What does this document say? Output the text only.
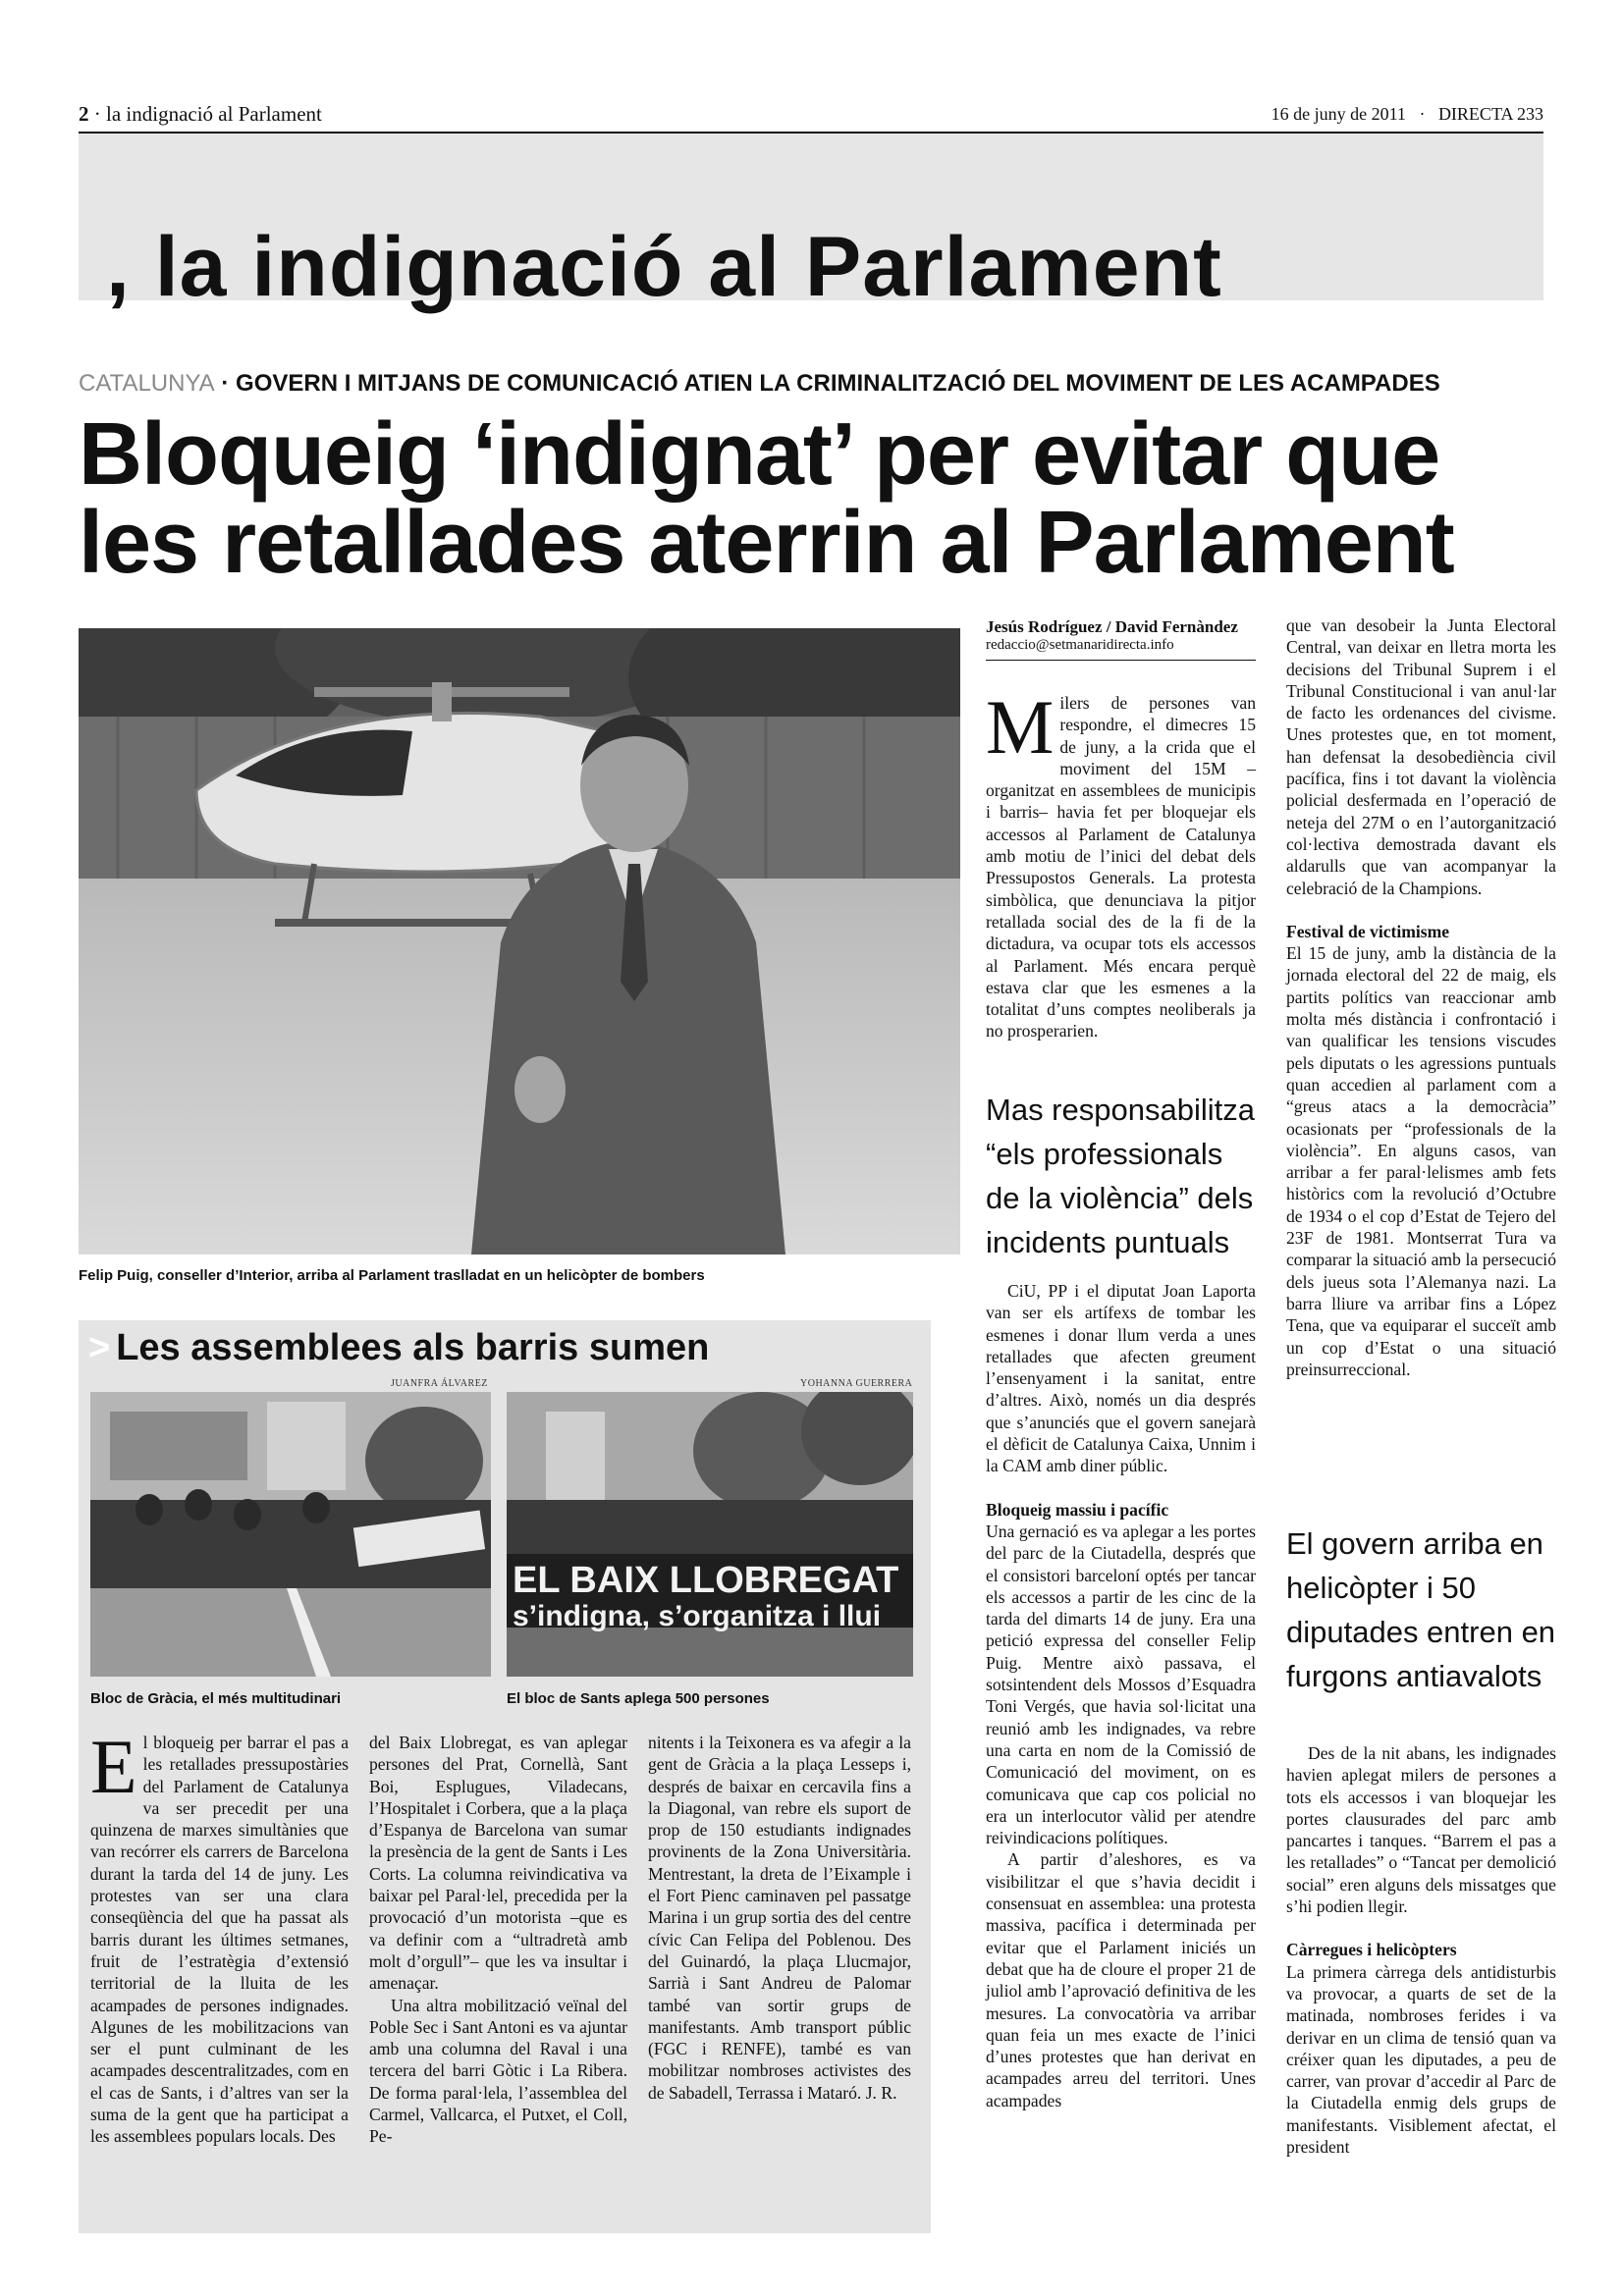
2 · la indignació al Parlament	16 de juny de 2011   ·   DIRECTA 233
, la indignació al Parlament
CATALUNYA · GOVERN I MITJANS DE COMUNICACIÓ ATIEN LA CRIMINALITZACIÓ DEL MOVIMENT DE LES ACAMPADES
Bloqueig ‘indignat’ per evitar que
les retallades aterrin al Parlament
Felip Puig, conseller d’Interior, arriba al Parlament traslladat en un helicòpter de bombers
Jesús Rodríguez / David Fernàndez
redaccio@setmanaridirecta.info

Milers de persones van respondre, el dimecres 15 de juny, a la crida que el moviment del 15M –organitzat en assemblees de municipis i barris– havia fet per bloquejar els accessos al Parlament de Catalunya amb motiu de l’inici del debat dels Pressupostos Generals. La protesta simbòlica, que denunciava la pitjor retallada social des de la fi de la dictadura, va ocupar tots els accessos al Parlament. Més encara perquè estava clar que les esmenes a la totalitat d’uns comptes neoliberals ja no prosperarien.

Mas responsabilitza “els professionals de la violència” dels incidents puntuals

CiU, PP i el diputat Joan Laporta van ser els artífexs de tombar les esmenes i donar llum verda a unes retallades que afecten greument l’ensenyament i la sanitat, entre d’altres. Això, només un dia després que s’anunciés que el govern sanejarà el dèficit de Catalunya Caixa, Unnim i la CAM amb diner públic.

Bloqueig massiu i pacífic

Una gernació es va aplegar a les portes del parc de la Ciutadella, després que el consistori barceloní optés per tancar els accessos a partir de les cinc de la tarda del dimarts 14 de juny. Era una petició expressa del conseller Felip Puig. Mentre això passava, el sotsintendent dels Mossos d’Esquadra Toni Vergés, que havia sol·licitat una reunió amb les indignades, va rebre una carta en nom de la Comissió de Comunicació del moviment, on es comunicava que cap cos policial no era un interlocutor vàlid per atendre reivindicacions polítiques.

A partir d’aleshores, es va visibilitzar el que s’havia decidit i consensuat en assemblea: una protesta massiva, pacífica i determinada per evitar que el Parlament iniciés un debat que ha de cloure el proper 21 de juliol amb l’aprovació definitiva de les mesures. La convocatòria va arribar quan feia un mes exacte de l’inici d’unes protestes que han derivat en acampades arreu del territori. Unes acampades

que van desobeir la Junta Electoral Central, van deixar en lletra morta les decisions del Tribunal Suprem i el Tribunal Constitucional i van anul·lar de facto les ordenances del civisme. Unes protestes que, en tot moment, han defensat la desobediència civil pacífica, fins i tot davant la violència policial desfermada en l’operació de neteja del 27M o en l’autorganització col·lectiva demostrada davant els aldarulls que van acompanyar la celebració de la Champions.

Festival de victimisme

El 15 de juny, amb la distància de la jornada electoral del 22 de maig, els partits polítics van reaccionar amb molta més distància i confrontació i van qualificar les tensions viscudes pels diputats o les agressions puntuals quan accedien al parlament com a “greus atacs a la democràcia” ocasionats per “professionals de la violència”. En alguns casos, van arribar a fer paral·lelismes amb fets històrics com la revolució d’Octubre de 1934 o el cop d’Estat de Tejero del 23F de 1981. Montserrat Tura va comparar la situació amb la persecució dels jueus sota l’Alemanya nazi. La barra lliure va arribar fins a López Tena, que va equiparar el succeït amb un cop d’Estat o una situació preinsurreccional.

El govern arriba en helicòpter i 50 diputades entren en furgons antiavalots

Des de la nit abans, les indignades havien aplegat milers de persones a tots els accessos i van bloquejar les portes clausurades del parc amb pancartes i tanques. “Barrem el pas a les retallades” o “Tancat per demolició social” eren alguns dels missatges que s’hi podien llegir.

Càrregues i helicòpters

La primera càrrega dels antidisturbis va provocar, a quarts de set de la matinada, nombroses ferides i va derivar en un clima de tensió quan va créixer quan les diputades, a peu de carrer, van provar d’accedir al Parc de la Ciutadella enmig dels grups de manifestants. Visiblement afectat, el president

> Les assemblees als barris sumen
JUANFRA ÁLVAREZ	YOHANNA GUERRERA
EL BAIX LLOBREGAT
s’indigna, s’organitza i llui
Bloc de Gràcia, el més multitudinari	El bloc de Sants aplega 500 persones

El bloqueig per barrar el pas a les retallades pressupostàries del Parlament de Catalunya va ser precedit per una quinzena de marxes simultànies que van recórrer els carrers de Barcelona durant la tarda del 14 de juny. Les protestes van ser una clara conseqüència del que ha passat als barris durant les últimes setmanes, fruit de l’estratègia d’extensió territorial de la lluita de les acampades de persones indignades. Algunes de les mobilitzacions van ser el punt culminant de les acampades descentralitzades, com en el cas de Sants, i d’altres van ser la suma de la gent que ha participat a les assemblees populars locals. Des

del Baix Llobregat, es van aplegar persones del Prat, Cornellà, Sant Boi, Esplugues, Viladecans, l’Hospitalet i Corbera, que a la plaça d’Espanya de Barcelona van sumar la presència de la gent de Sants i Les Corts. La columna reivindicativa va baixar pel Paral·lel, precedida per la provocació d’un motorista –que es va definir com a “ultradretà amb molt d’orgull”– que les va insultar i amenaçar.

Una altra mobilització veïnal del Poble Sec i Sant Antoni es va ajuntar amb una columna del Raval i una tercera del barri Gòtic i La Ribera. De forma paral·lela, l’assemblea del Carmel, Vallcarca, el Putxet, el Coll, Pe-

nitents i la Teixonera es va afegir a la gent de Gràcia a la plaça Lesseps i, després de baixar en cercavila fins a la Diagonal, van rebre els suport de prop de 150 estudiants indignades provinents de la Zona Universitària. Mentrestant, la dreta de l’Eixample i el Fort Pienc caminaven pel passatge Marina i un grup sortia des del centre cívic Can Felipa del Poblenou. Des del Guinardó, la plaça Llucmajor, Sarrià i Sant Andreu de Palomar també van sortir grups de manifestants. Amb transport públic (FGC i RENFE), també es van mobilitzar nombroses activistes des de Sabadell, Terrassa i Mataró. J. R.
